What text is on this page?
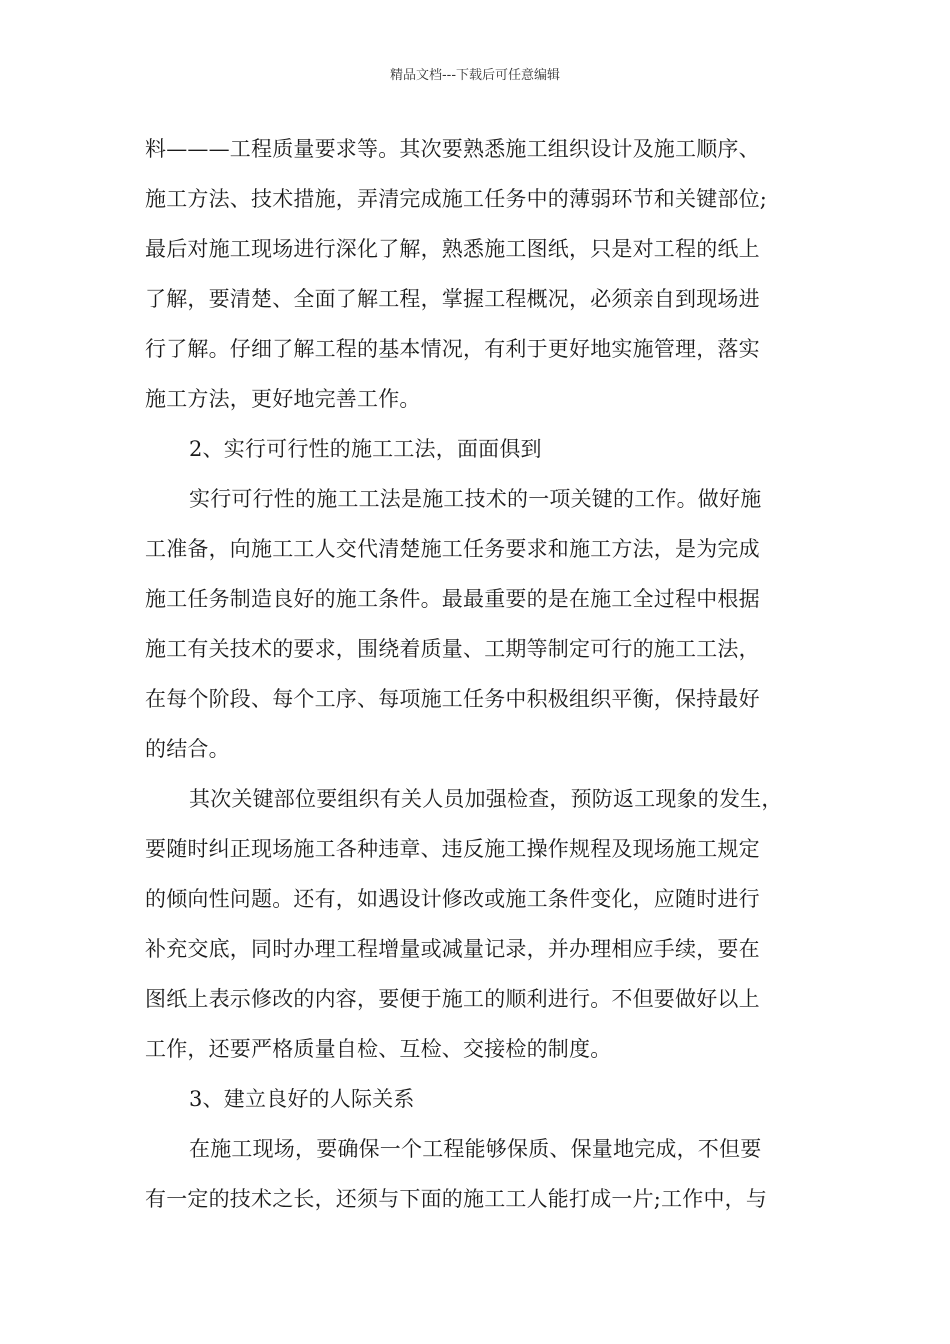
精品文档---下载后可任意编辑
料———工程质量要求等。其次要熟悉施工组织设计及施工顺序、
施工方法、技术措施，弄清完成施工任务中的薄弱环节和关键部位;
最后对施工现场进行深化了解，熟悉施工图纸，只是对工程的纸上
了解，要清楚、全面了解工程，掌握工程概况，必须亲自到现场进
行了解。仔细了解工程的基本情况，有利于更好地实施管理，落实
施工方法，更好地完善工作。
2、实行可行性的施工工法，面面俱到
实行可行性的施工工法是施工技术的一项关键的工作。做好施
工准备，向施工工人交代清楚施工任务要求和施工方法，是为完成
施工任务制造良好的施工条件。最最重要的是在施工全过程中根据
施工有关技术的要求，围绕着质量、工期等制定可行的施工工法，
在每个阶段、每个工序、每项施工任务中积极组织平衡，保持最好
的结合。
其次关键部位要组织有关人员加强检查，预防返工现象的发生，
要随时纠正现场施工各种违章、违反施工操作规程及现场施工规定
的倾向性问题。还有，如遇设计修改或施工条件变化，应随时进行
补充交底，同时办理工程增量或减量记录，并办理相应手续，要在
图纸上表示修改的内容，要便于施工的顺利进行。不但要做好以上
工作，还要严格质量自检、互检、交接检的制度。
3、建立良好的人际关系
在施工现场，要确保一个工程能够保质、保量地完成，不但要
有一定的技术之长，还须与下面的施工工人能打成一片;工作中，与
